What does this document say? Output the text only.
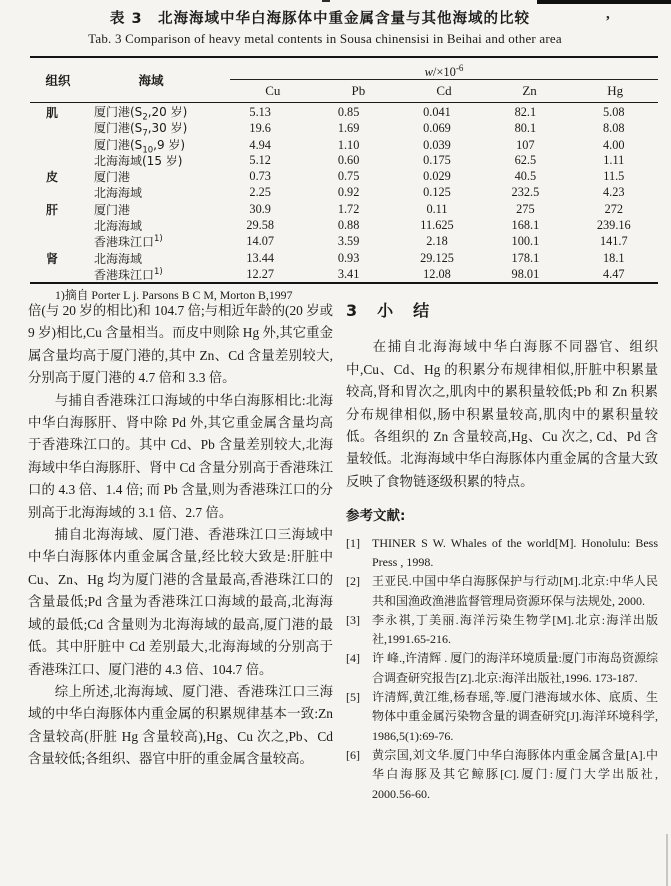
,
表 3　北海海域中华白海豚体中重金属含量与其他海域的比较
Tab. 3 Comparison of heavy metal contents in Sousa chinensisi in Beihai and other area
组织	海域
$w/\times 10^{-6}$
Cu	Pb	Cd	Zn	Hg
肌	厦门港($S_2,20$ 岁)	5.13	0.85	0.041	82.1	5.08
厦门港($S_7,30$ 岁)	19.6	1.69	0.069	80.1	8.08
厦门港($S_{10},9$ 岁)	4.94	1.10	0.039	107	4.00
北海海域(15 岁)	5.12	0.60	0.175	62.5	1.11
皮	厦门港	0.73	0.75	0.029	40.5	11.5
北海海域	2.25	0.92	0.125	232.5	4.23
肝	厦门港	30.9	1.72	0.11	275	272
北海海域	29.58	0.88	11.625	168.1	239.16
香港珠江口$^{1)}$	14.07	3.59	2.18	100.1	141.7
肾	北海海域	13.44	0.93	29.125	178.1	18.1
香港珠江口$^{1)}$	12.27	3.41	12.08	98.01	4.47
1)摘自 Porter L j. Parsons B C M, Morton B,1997

倍(与 20 岁的相比)和 104.7 倍;与相近年龄的(20 岁或 9 岁)相比,Cu 含量相当。而皮中则除 Hg 外,其它重金属含量均高于厦门港的,其中 Zn、Cd 含量差别较大,分别高于厦门港的 4.7 倍和 3.3 倍。

与捕自香港珠江口海域的中华白海豚相比:北海中华白海豚肝、肾中除 Pd 外,其它重金属含量均高于香港珠江口的。其中 Cd、Pb 含量差别较大,北海海域中华白海豚肝、肾中 Cd 含量分别高于香港珠江口的 4.3 倍、1.4 倍; 而 Pb 含量,则为香港珠江口的分别高于北海海域的 3.1 倍、2.7 倍。

捕自北海海域、厦门港、香港珠江口三海域中中华白海豚体内重金属含量,经比较大致是:肝脏中 Cu、Zn、Hg 均为厦门港的含量最高,香港珠江口的含量最低;Pd 含量为香港珠江口海域的最高,北海海域的最低;Cd 含量则为北海海域的最高,厦门港的最低。其中肝脏中 Cd 差别最大,北海海域的分别高于香港珠江口、厦门港的 4.3 倍、104.7 倍。

综上所述,北海海域、厦门港、香港珠江口三海域的中华白海豚体内重金属的积累规律基本一致:Zn 含量较高(肝脏 Hg 含量较高),Hg、Cu 次之,Pb、Cd 含量较低;各组织、器官中肝的重金属含量较高。

3　 小　结

在捕自北海海域中华白海豚不同器官、组织中,Cu、Cd、Hg 的积累分布规律相似,肝脏中积累量较高,肾和胃次之,肌肉中的累积量较低;Pb 和 Zn 积累分布规律相似,肠中积累量较高,肌肉中的累积量较低。各组织的 Zn 含量较高,Hg、Cu 次之, Cd、Pd 含量较低。北海海域中华白海豚体内重金属的含量大致反映了食物链逐级积累的特点。

参考文献:

[1] THINER S W. Whales of the world[M]. Honolulu: Bess Press , 1998.

[2] 王亚民.中国中华白海豚保护与行动[M].北京:中华人民共和国渔政渔港监督管理局资源环保与法规处, 2000.

[3] 李永祺,丁美丽.海洋污染生物学[M].北京:海洋出版社,1991.65-216.

[4] 许 峰.,许清辉 . 厦门的海洋环境质量:厦门市海岛资源综合调查研究报告[Z].北京:海洋出版社,1996. 173-187.

[5] 许清辉,黄江维,杨春瑶,等.厦门港海域水体、底质、生物体中重金属污染物含量的调查研究[J].海洋环境科学, 1986,5(1):69-76.

[6] 黄宗国,刘文华.厦门中华白海豚体内重金属含量[A].中华白海豚及其它鲸豚[C].厦门:厦门大学出版社, 2000.56-60.
